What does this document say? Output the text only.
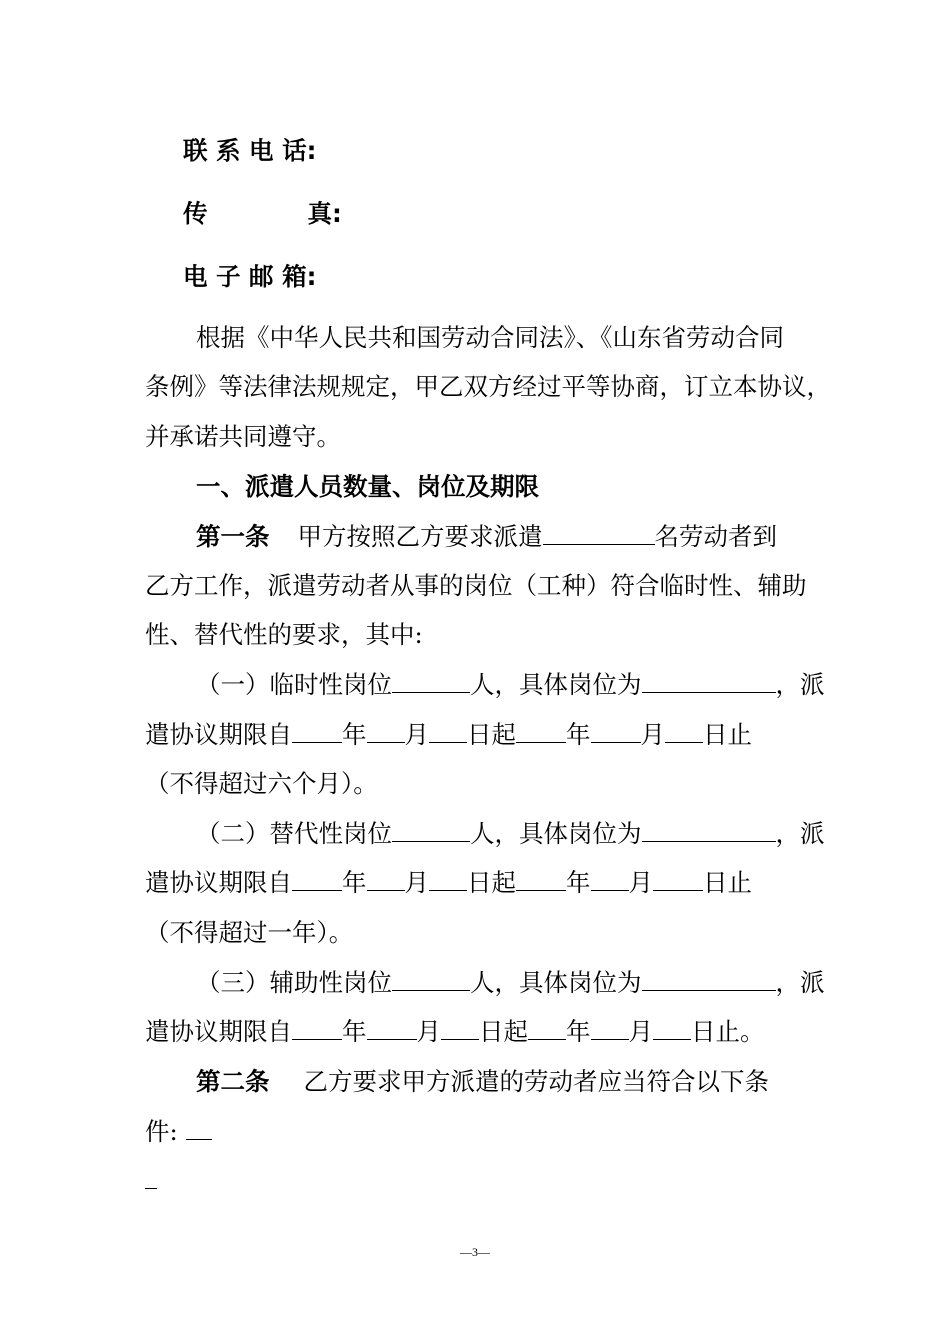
联 系 电 话:
传	真:
电 子 邮 箱:
根据《中华人民共和国劳动合同法》、《山东省劳动合同
条例》等法律法规规定，甲乙双方经过平等协商，订立本协议，
并承诺共同遵守。
一、派遣人员数量、岗位及期限
第一条 甲方按照乙方要求派遣	名劳动者到
乙方工作，派遣劳动者从事的岗位（工种）符合临时性、辅助
性、替代性的要求，其中:
（一）临时性岗位	人，具体岗位为	，派
遣协议期限自 年 月 日起 年 月 日止
（不得超过六个月）。
（二）替代性岗位	人，具体岗位为	，派
遣协议期限自 年 月 日起 年 月 日止
（不得超过一年）。
（三）辅助性岗位	人，具体岗位为	，派
遣协议期限自 年 月 日起 年 月 日止。
第二条 乙方要求甲方派遣的劳动者应当符合以下条
件:
—3—
